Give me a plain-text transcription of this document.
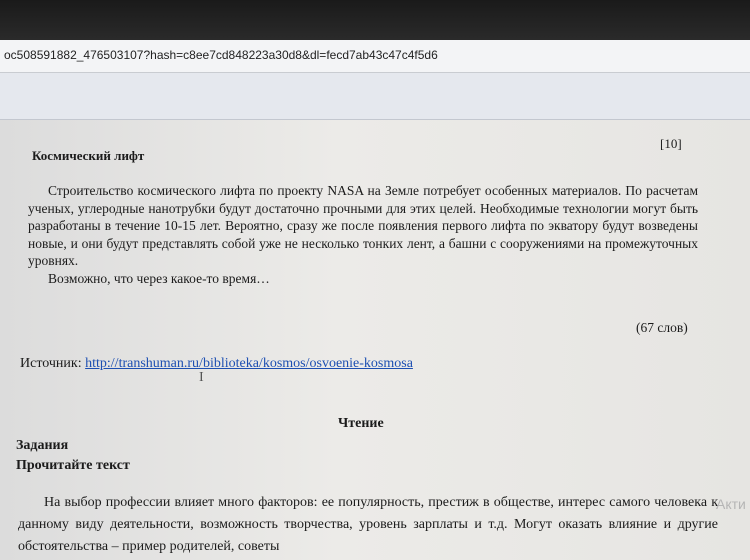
oc508591882_476503107?hash=c8ee7cd848223a30d8&dl=fecd7ab43c47c4f5d6
Космический лифт
[10]

Строительство космического лифта по проекту NASA на Земле потребует особенных материалов. По расчетам ученых, углеродные нанотрубки будут достаточно прочными для этих целей. Необходимые технологии могут быть разработаны в течение 10-15 лет. Вероятно, сразу же после появления первого лифта по экватору будут возведены новые, и они будут представлять собой уже не несколько тонких лент, а башни с сооружениями на промежуточных уровнях.

Возможно, что через какое-то время…

(67 слов)
Источник: http://transhuman.ru/biblioteka/kosmos/osvoenie-kosmosa
I
Чтение
Задания
Прочитайте текст

На выбор профессии влияет много факторов: ее популярность, престиж в обществе, интерес самого человека к данному виду деятельности, возможность творчества, уровень зарплаты и т.д. Могут оказать влияние и другие обстоятельства – пример родителей, советы

Акти
